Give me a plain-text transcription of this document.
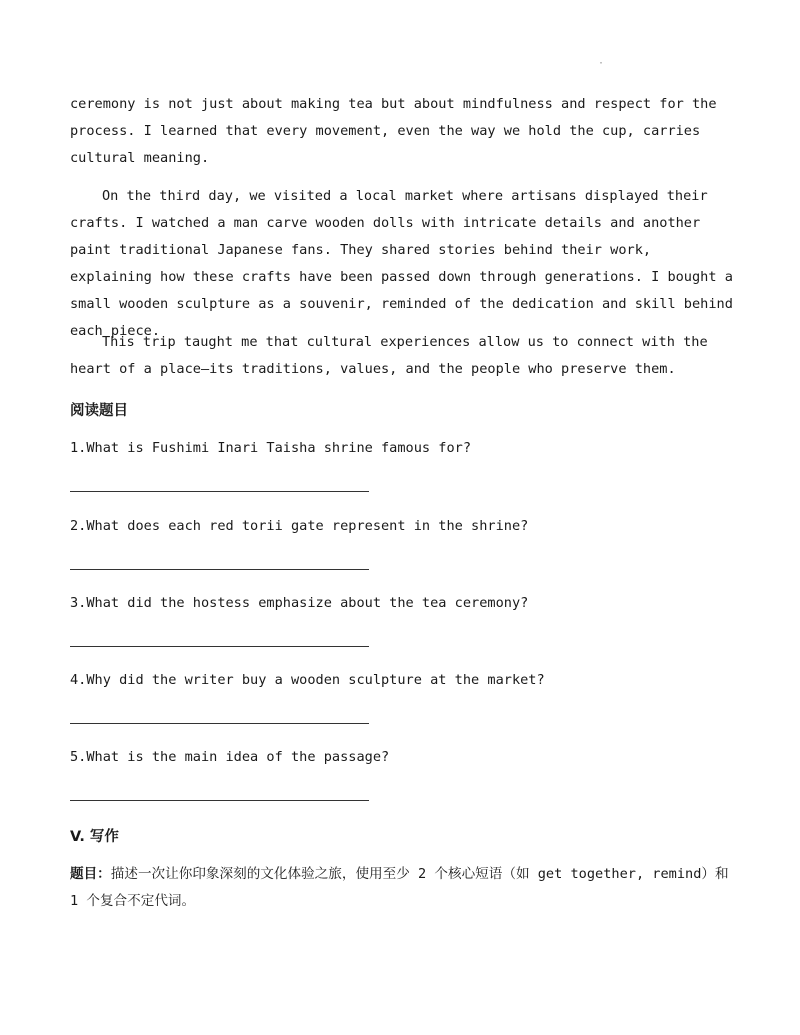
·

ceremony is not just about making tea but about mindfulness and respect for the process. I learned that every movement, even the way we hold the cup, carries cultural meaning.

On the third day, we visited a local market where artisans displayed their crafts. I watched a man carve wooden dolls with intricate details and another paint traditional Japanese fans. They shared stories behind their work, explaining how these crafts have been passed down through generations. I bought a small wooden sculpture as a souvenir, reminded of the dedication and skill behind each piece.

This trip taught me that cultural experiences allow us to connect with the heart of a place—its traditions, values, and the people who preserve them.

阅读题目
1.What is Fushimi Inari Taisha shrine famous for?
2.What does each red torii gate represent in the shrine?
3.What did the hostess emphasize about the tea ceremony?
4.Why did the writer buy a wooden sculpture at the market?
5.What is the main idea of the passage?
V. 写作

题目：描述一次让你印象深刻的文化体验之旅，使用至少 2 个核心短语（如 get together, remind）和 1 个复合不定代词。
